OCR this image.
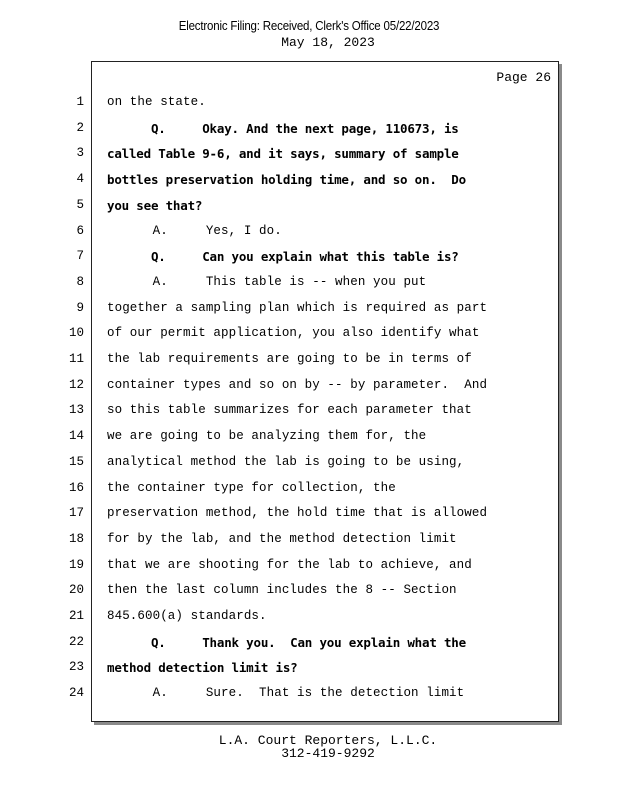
Electronic Filing: Received, Clerk's Office 05/22/2023
May 18, 2023
Page 26
1 on the state.
2 Q.     Okay. And the next page, 110673, is
3 called Table 9-6, and it says, summary of sample
4 bottles preservation holding time, and so on.  Do
5 you see that?
6 A.     Yes, I do.
7 Q.     Can you explain what this table is?
8 A.     This table is -- when you put
9 together a sampling plan which is required as part
10 of our permit application, you also identify what
11 the lab requirements are going to be in terms of
12 container types and so on by -- by parameter.  And
13 so this table summarizes for each parameter that
14 we are going to be analyzing them for, the
15 analytical method the lab is going to be using,
16 the container type for collection, the
17 preservation method, the hold time that is allowed
18 for by the lab, and the method detection limit
19 that we are shooting for the lab to achieve, and
20 then the last column includes the 8 -- Section
21 845.600(a) standards.
22 Q.     Thank you.  Can you explain what the
23 method detection limit is?
24 A.     Sure.  That is the detection limit
L.A. Court Reporters, L.L.C.
312-419-9292
